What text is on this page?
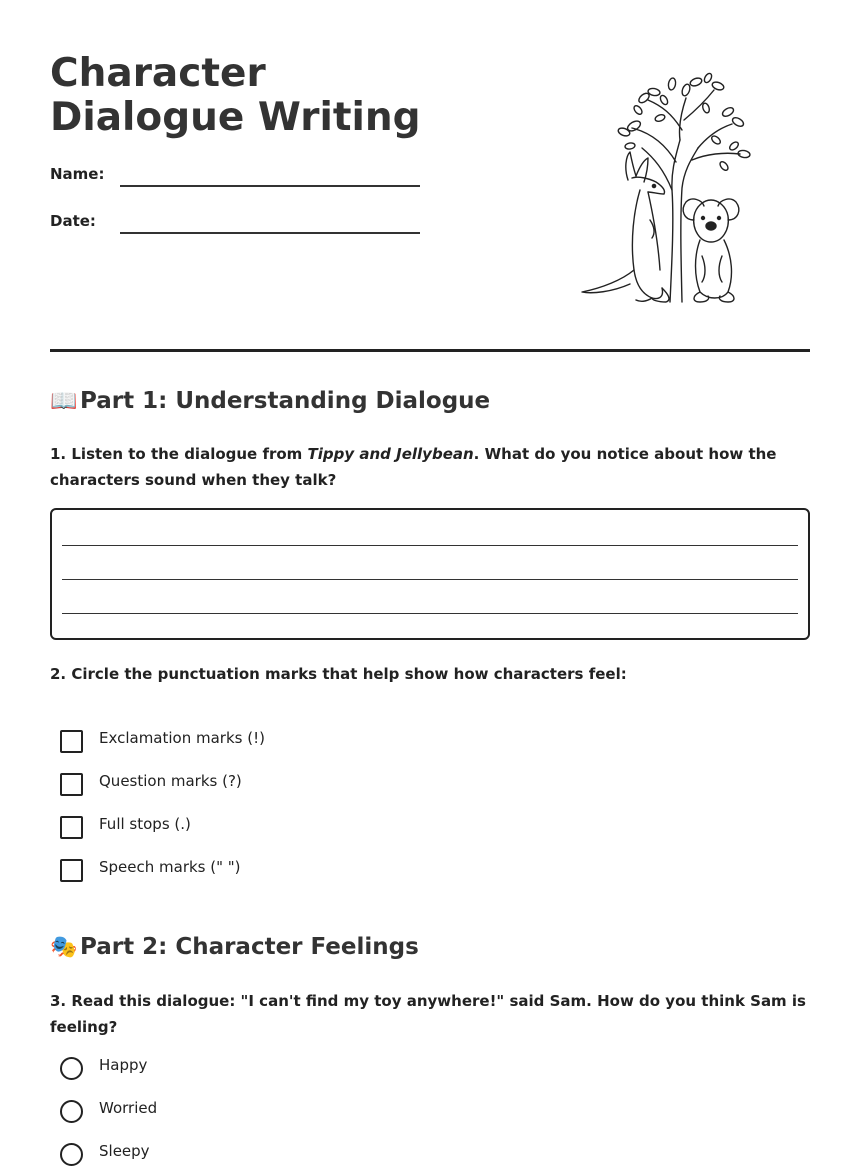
Character Dialogue Writing
Name:
Date:
📖 Part 1: Understanding Dialogue

1. Listen to the dialogue from Tippy and Jellybean. What do you notice about how the characters sound when they talk?

2. Circle the punctuation marks that help show how characters feel:

Exclamation marks (!)
Question marks (?)
Full stops (.)
Speech marks (" ")
🎭 Part 2: Character Feelings

3. Read this dialogue: "I can't find my toy anywhere!" said Sam. How do you think Sam is feeling?

Happy
Worried
Sleepy
